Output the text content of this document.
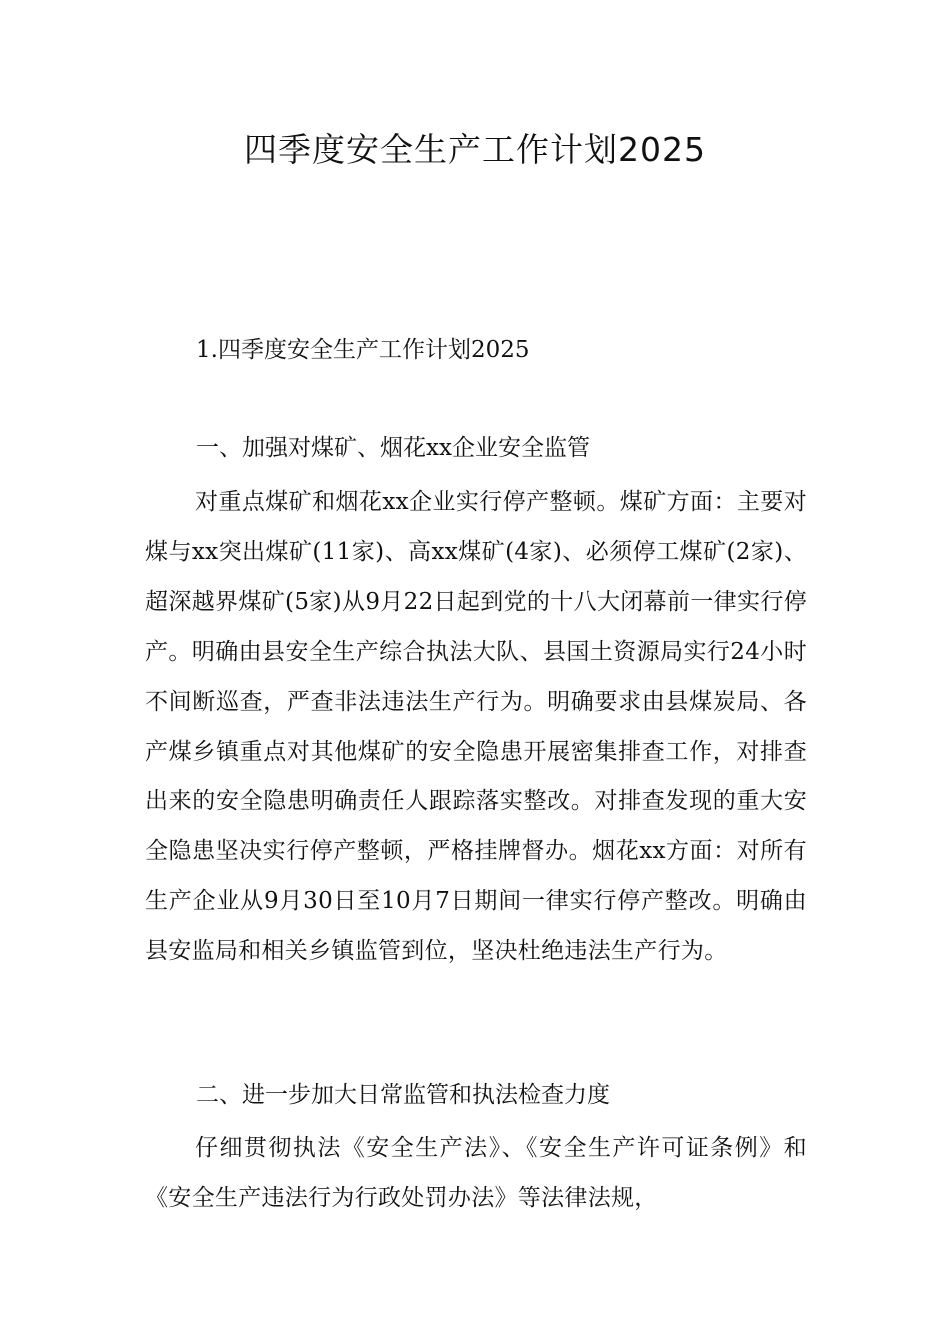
四季度安全生产工作计划2025

1.四季度安全生产工作计划2025

一、加强对煤矿、烟花xx企业安全监管

对重点煤矿和烟花xx企业实行停产整顿。煤矿方面：主要对煤与xx突出煤矿(11家)、高xx煤矿(4家)、必须停工煤矿(2家)、超深越界煤矿(5家)从9月22日起到党的十八大闭幕前一律实行停产。明确由县安全生产综合执法大队、县国土资源局实行24小时不间断巡查，严查非法违法生产行为。明确要求由县煤炭局、各产煤乡镇重点对其他煤矿的安全隐患开展密集排查工作，对排查出来的安全隐患明确责任人跟踪落实整改。对排查发现的重大安全隐患坚决实行停产整顿，严格挂牌督办。烟花xx方面：对所有生产企业从9月30日至10月7日期间一律实行停产整改。明确由县安监局和相关乡镇监管到位，坚决杜绝违法生产行为。

二、进一步加大日常监管和执法检查力度

仔细贯彻执法《安全生产法》、《安全生产许可证条例》和《安全生产违法行为行政处罚办法》等法律法规，
